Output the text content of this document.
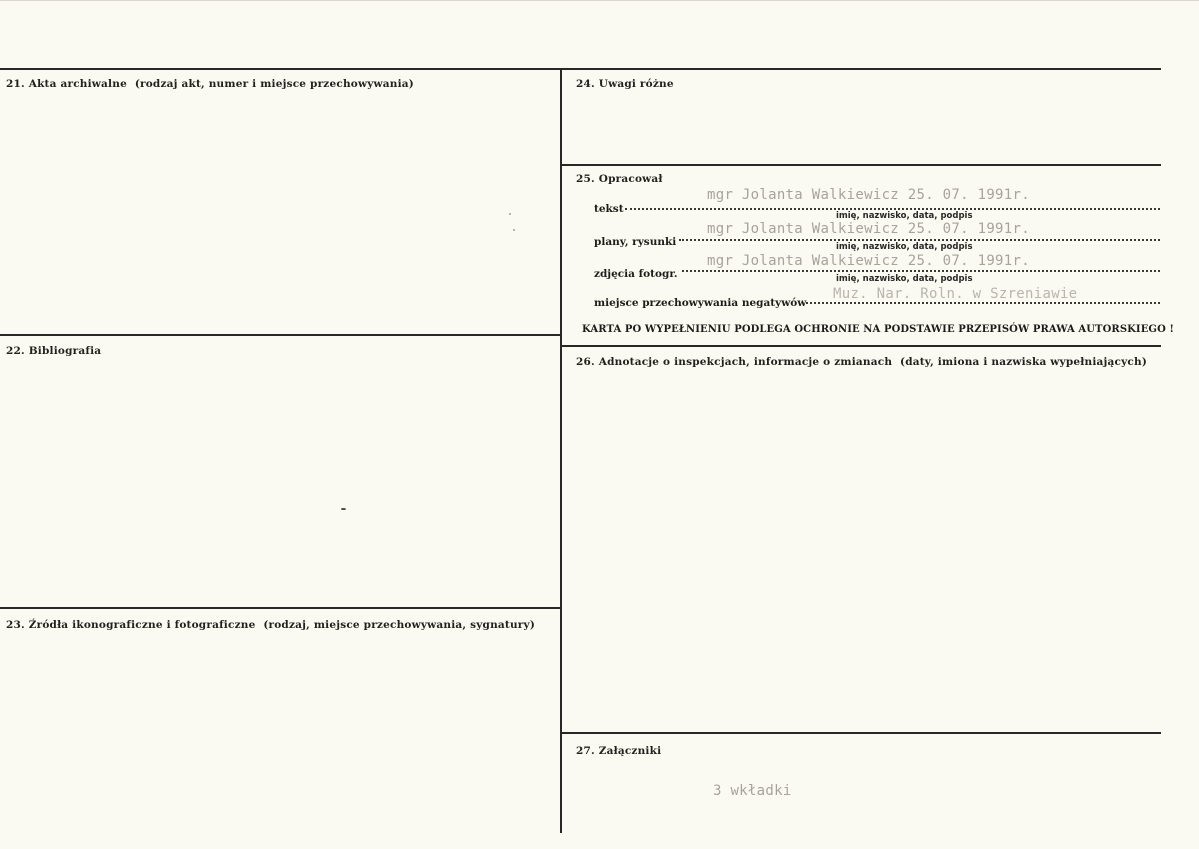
21. Akta archiwalne (rodzaj akt, numer i miejsce przechowywania)
22. Bibliografia
23. Źródła ikonograficzne i fotograficzne (rodzaj, miejsce przechowywania, sygnatury)
24. Uwagi różne
25. Opracował
tekst
mgr Jolanta Walkiewicz 25. 07. 1991r.
imię, nazwisko, data, podpis
plany, rysunki
mgr Jolanta Walkiewicz 25. 07. 1991r.
imię, nazwisko, data, podpis
zdjęcia fotogr.
mgr Jolanta Walkiewicz 25. 07. 1991r.
imię, nazwisko, data, podpis
miejsce przechowywania negatywów
Muz. Nar. Roln. w Szreniawie
KARTA PO WYPEŁNIENIU PODLEGA OCHRONIE NA PODSTAWIE PRZEPISÓW PRAWA AUTORSKIEGO !
26. Adnotacje o inspekcjach, informacje o zmianach (daty, imiona i nazwiska wypełniających)
27. Załączniki
3 wkładki
